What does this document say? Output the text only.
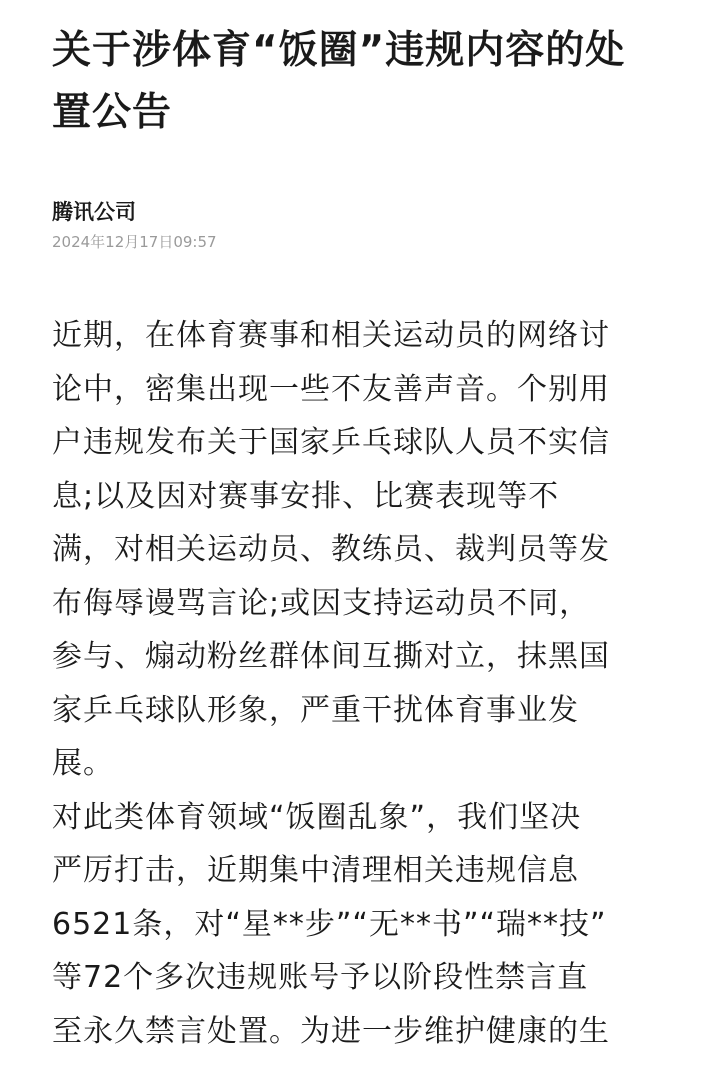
关于涉体育“饭圈”违规内容的处
置公告
腾讯公司
2024年12月17日09:57

近期，在体育赛事和相关运动员的网络讨
论中，密集出现一些不友善声音。个别用
户违规发布关于国家乒乓球队人员不实信
息;以及因对赛事安排、比赛表现等不
满，对相关运动员、教练员、裁判员等发
布侮辱谩骂言论;或因支持运动员不同，
参与、煽动粉丝群体间互撕对立，抹黑国
家乒乓球队形象，严重干扰体育事业发
展。

对此类体育领域“饭圈乱象”，我们坚决
严厉打击，近期集中清理相关违规信息
6521条，对“星**步”“无**书”“瑞**技”
等72个多次违规账号予以阶段性禁言直
至永久禁言处置。为进一步维护健康的生
